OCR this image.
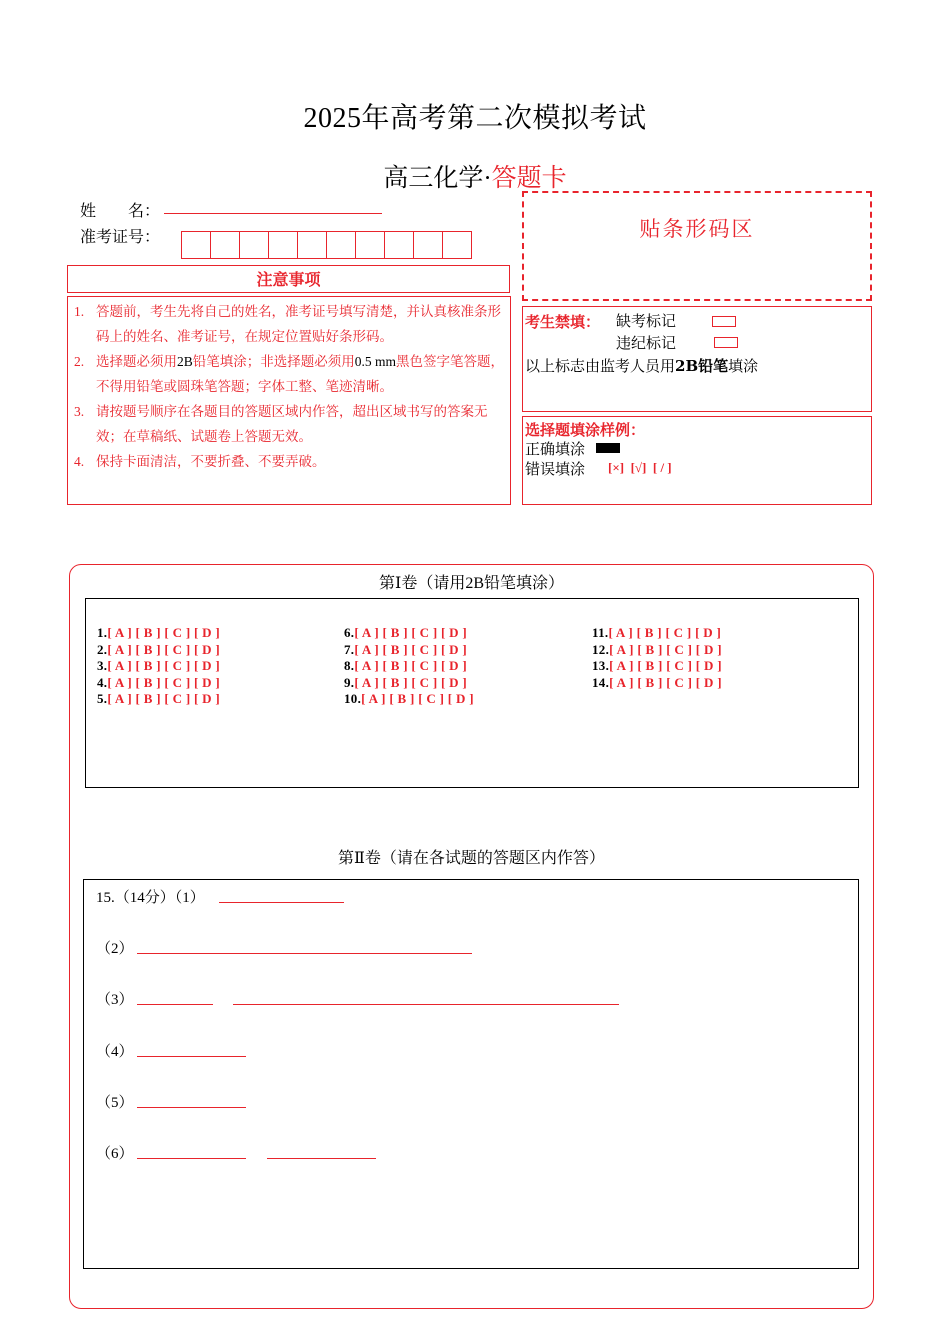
2025年高考第二次模拟考试
高三化学·答题卡
姓　　名：
准考证号：
注意事项
1. 答题前，考生先将自己的姓名，准考证号填写清楚，并认真核准条形码上的姓名、准考证号，在规定位置贴好条形码。
2. 选择题必须用2B铅笔填涂；非选择题必须用0.5 mm黑色签字笔答题，不得用铅笔或圆珠笔答题；字体工整、笔迹清晰。
3. 请按题号顺序在各题目的答题区域内作答，超出区域书写的答案无效；在草稿纸、试题卷上答题无效。
4. 保持卡面清洁，不要折叠、不要弄破。
贴条形码区
考生禁填： 缺考标记
违纪标记
以上标志由监考人员用2B铅笔填涂
选择题填涂样例：
正确填涂
错误填涂 [×]  [√]  [ / ]
第Ⅰ卷（请用2B铅笔填涂）
1.[ A ] [ B ] [ C ] [ D ]
2.[ A ] [ B ] [ C ] [ D ]
3.[ A ] [ B ] [ C ] [ D ]
4.[ A ] [ B ] [ C ] [ D ]
5.[ A ] [ B ] [ C ] [ D ]
6.[ A ] [ B ] [ C ] [ D ]
7.[ A ] [ B ] [ C ] [ D ]
8.[ A ] [ B ] [ C ] [ D ]
9.[ A ] [ B ] [ C ] [ D ]
10.[ A ] [ B ] [ C ] [ D ]
11.[ A ] [ B ] [ C ] [ D ]
12.[ A ] [ B ] [ C ] [ D ]
13.[ A ] [ B ] [ C ] [ D ]
14.[ A ] [ B ] [ C ] [ D ]
第Ⅱ卷（请在各试题的答题区内作答）
15.（14分）（1）
（2）
（3）
（4）
（5）
（6）
